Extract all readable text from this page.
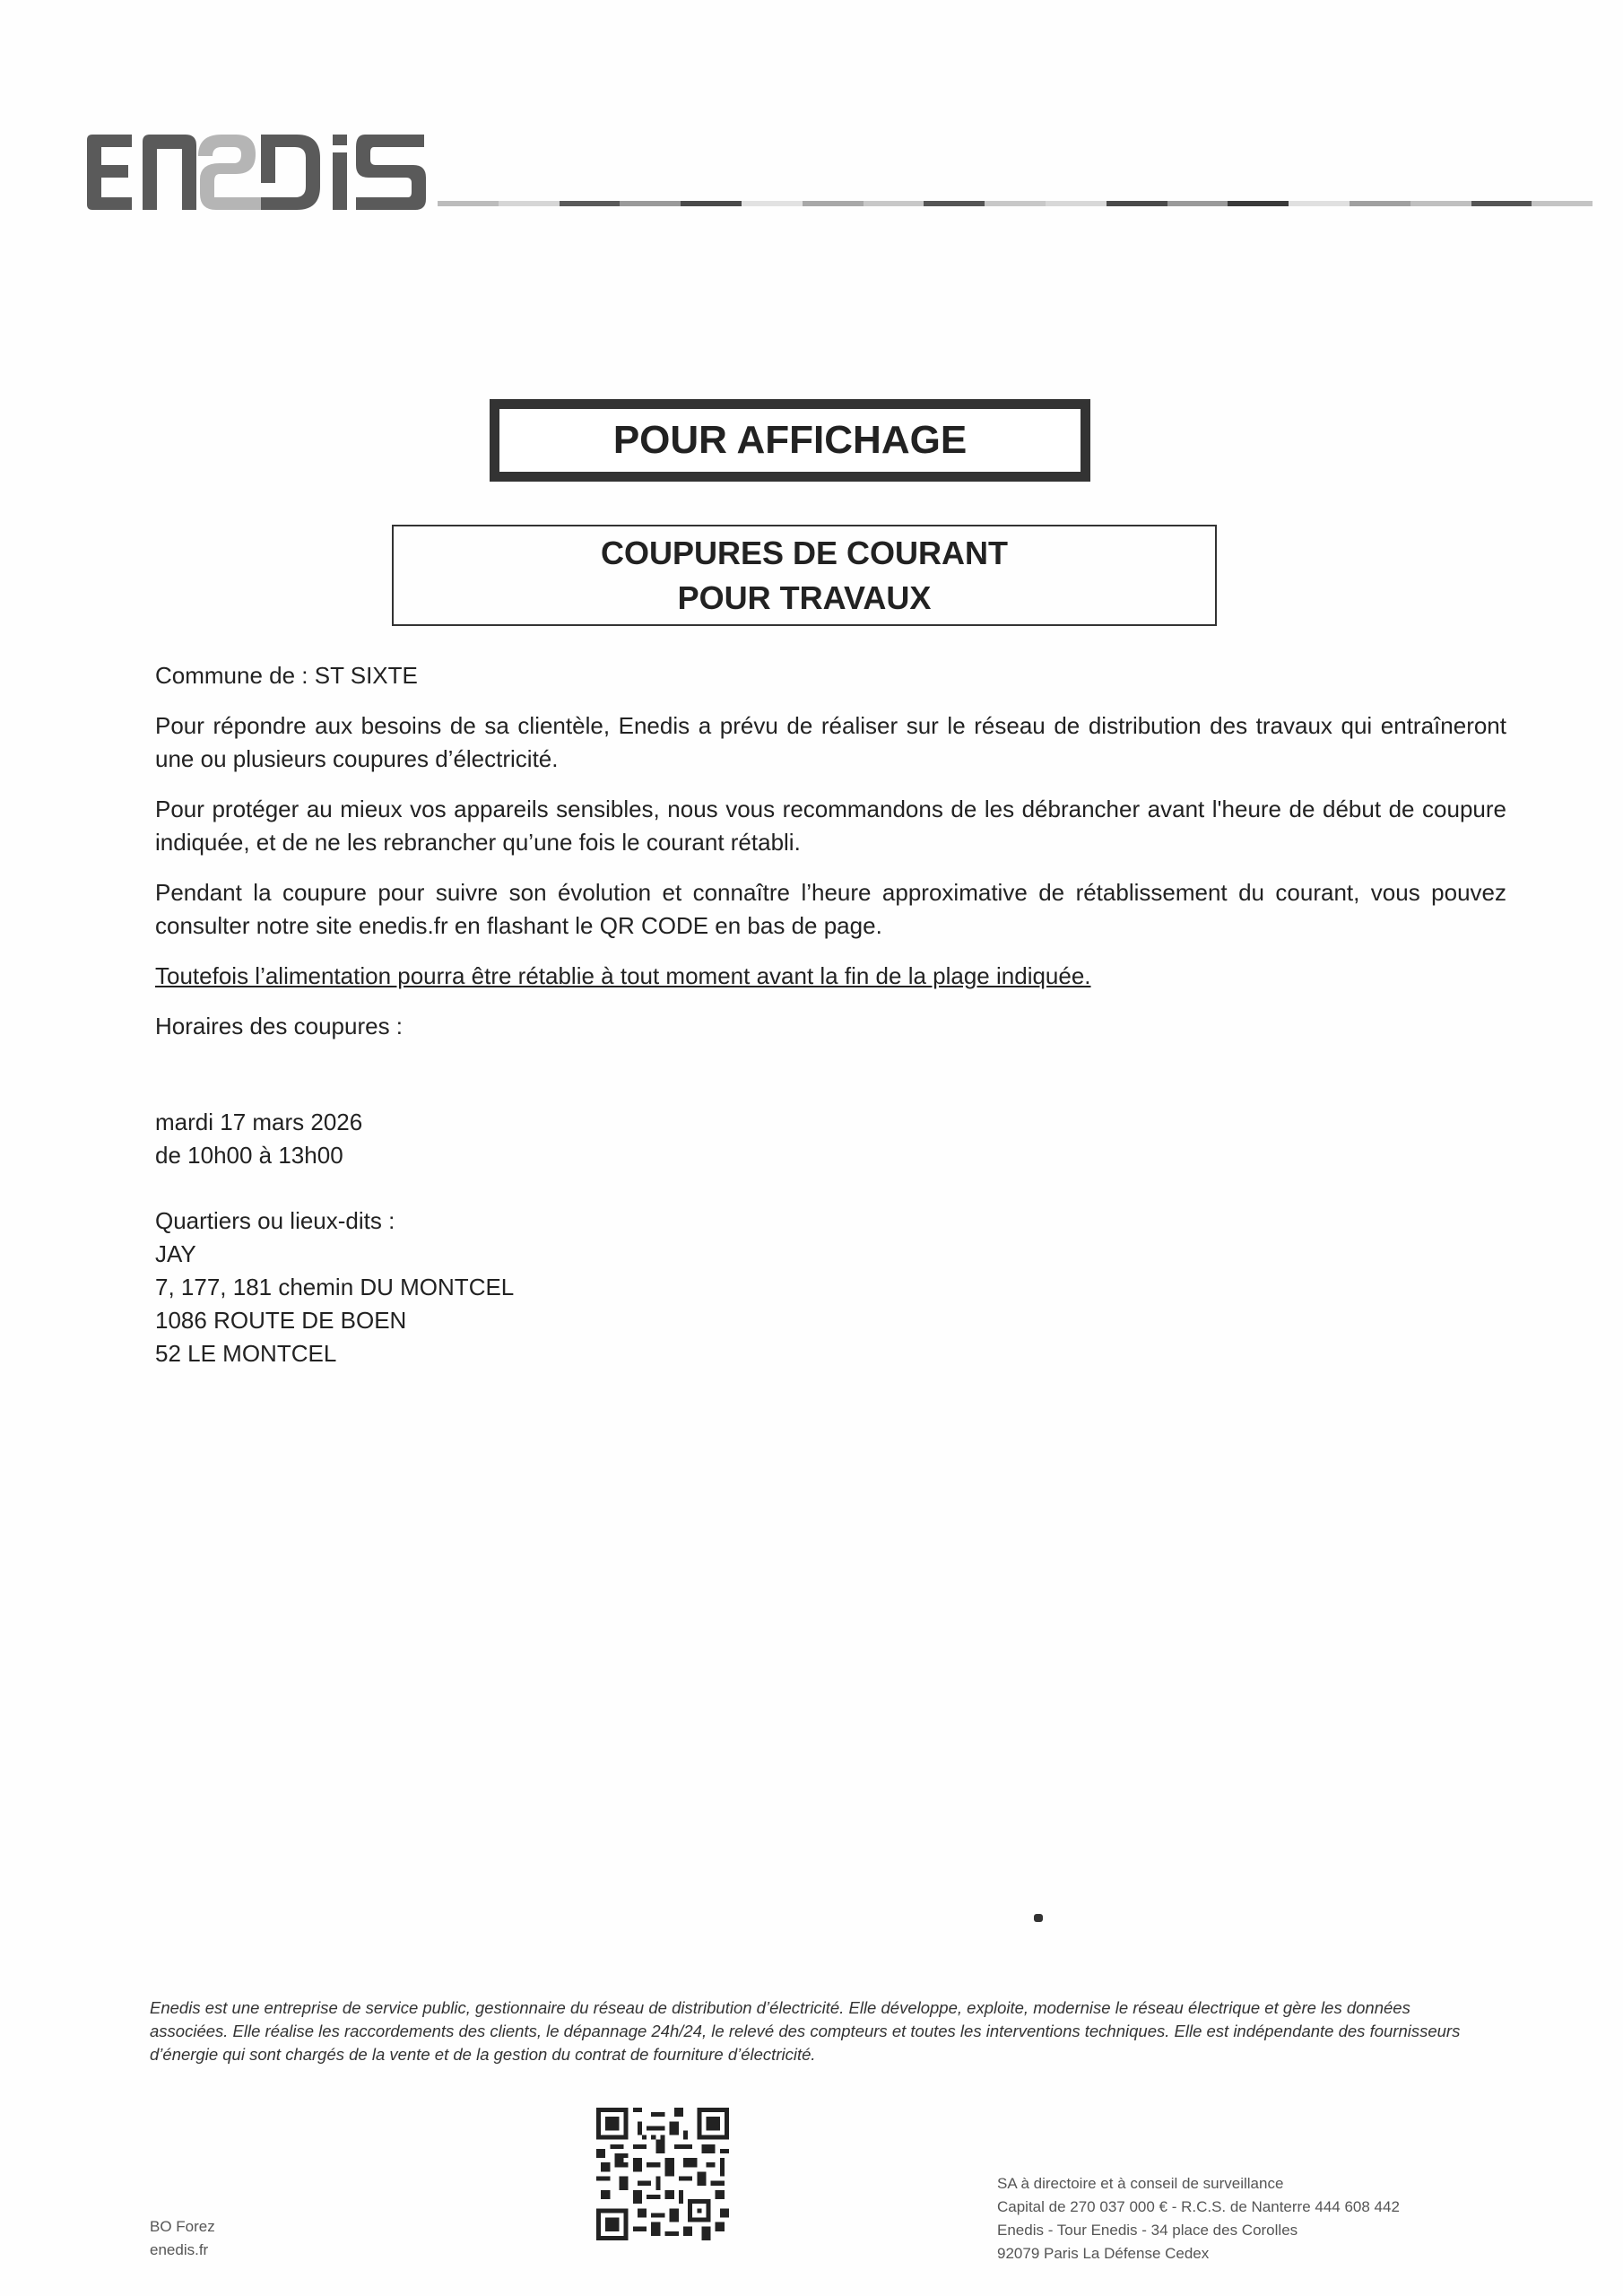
POUR AFFICHAGE
COUPURES DE COURANT
POUR TRAVAUX

Commune de : ST SIXTE

Pour répondre aux besoins de sa clientèle, Enedis a prévu de réaliser sur le réseau de distribution des travaux qui entraîneront une ou plusieurs coupures d’électricité.

Pour protéger au mieux vos appareils sensibles, nous vous recommandons de les débrancher avant l'heure de début de coupure indiquée, et de ne les rebrancher qu’une fois le courant rétabli.

Pendant la coupure pour suivre son évolution et connaître l’heure approximative de rétablissement du courant, vous pouvez consulter notre site enedis.fr en flashant le QR CODE en bas de page.

Toutefois l’alimentation pourra être rétablie à tout moment avant la fin de la plage indiquée.

Horaires des coupures :

mardi 17 mars 2026
de 10h00 à 13h00
Quartiers ou lieux-dits :
JAY
7, 177, 181 chemin DU MONTCEL
1086 ROUTE DE BOEN
52 LE MONTCEL
Enedis est une entreprise de service public, gestionnaire du réseau de distribution d’électricité. Elle développe, exploite, modernise le réseau électrique et gère les données associées. Elle réalise les raccordements des clients, le dépannage 24h/24, le relevé des compteurs et toutes les interventions techniques. Elle est indépendante des fournisseurs d’énergie qui sont chargés de la vente et de la gestion du contrat de fourniture d’électricité.
BO Forez
enedis.fr
SA à directoire et à conseil de surveillance
Capital de 270 037 000 € - R.C.S. de Nanterre 444 608 442
Enedis - Tour Enedis - 34 place des Corolles
92079 Paris La Défense Cedex
